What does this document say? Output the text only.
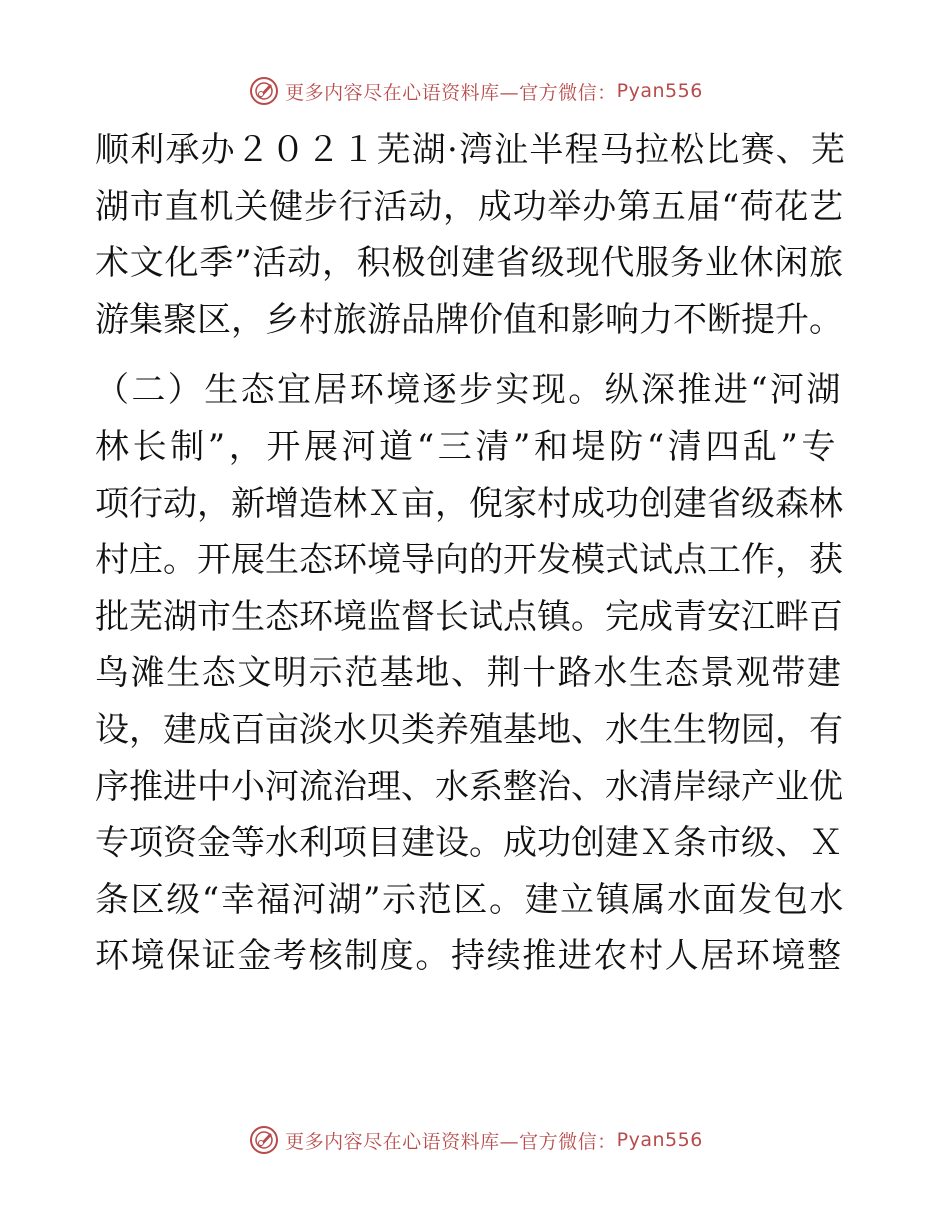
更多内容尽在心语资料库—官方微信： Pyan556
顺利承办２０２１芜湖·湾沚半程马拉松比赛、芜
湖市直机关健步行活动，成功举办第五届“荷花艺
术文化季”活动，积极创建省级现代服务业休闲旅
游集聚区，乡村旅游品牌价值和影响力不断提升。
（二）生态宜居环境逐步实现。纵深推进“河湖
林长制”，开展河道“三清”和堤防“清四乱”专
项行动，新增造林Ｘ亩，倪家村成功创建省级森林
村庄。开展生态环境导向的开发模式试点工作，获
批芜湖市生态环境监督长试点镇。完成青安江畔百
鸟滩生态文明示范基地、荆十路水生态景观带建
设，建成百亩淡水贝类养殖基地、水生生物园，有
序推进中小河流治理、水系整治、水清岸绿产业优
专项资金等水利项目建设。成功创建Ｘ条市级、Ｘ
条区级“幸福河湖”示范区。建立镇属水面发包水
环境保证金考核制度。持续推进农村人居环境整
更多内容尽在心语资料库—官方微信： Pyan556
